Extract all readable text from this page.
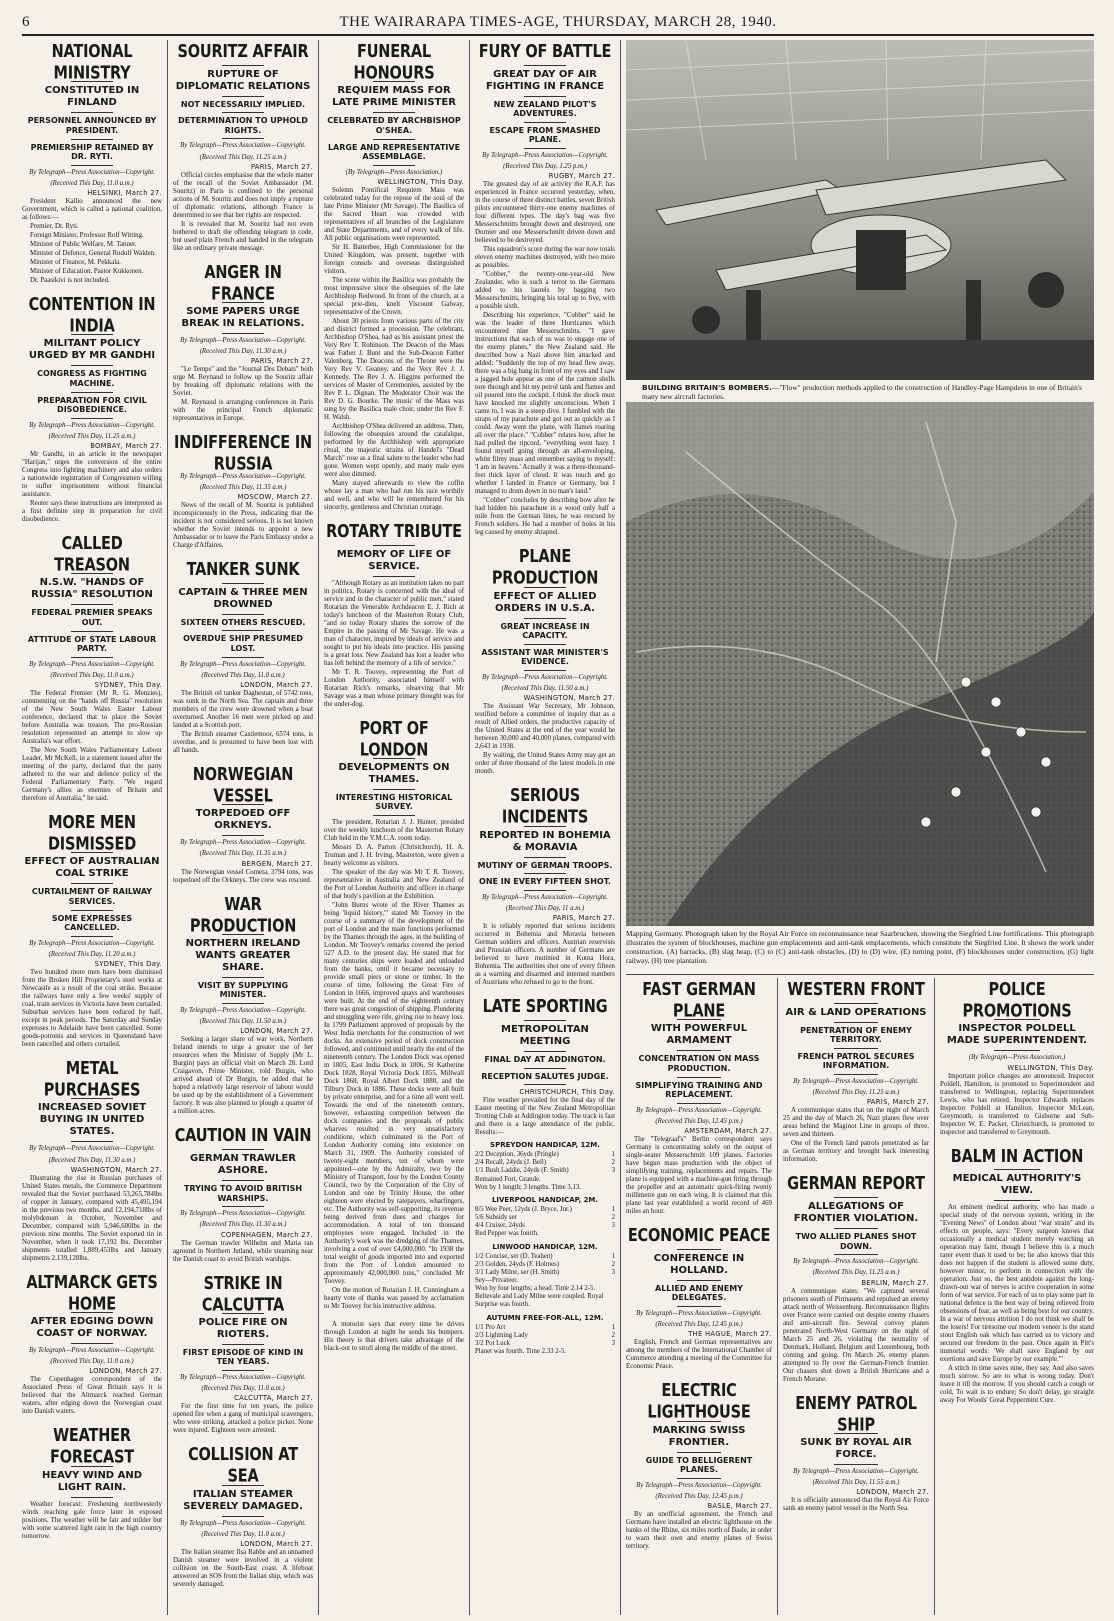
6	THE WAIRARAPA TIMES-AGE, THURSDAY, MARCH 28, 1940.
NATIONAL MINISTRY
CONSTITUTED IN FINLAND
PERSONNEL ANNOUNCED BY PRESIDENT.
PREMIERSHIP RETAINED BY DR. RYTI.
By Telegraph—Press Association—Copyright.
(Received This Day, 11.0 a.m.)
HELSINKI, March 27.

President Kallio announced the new Government, which is called a national coalition, as follows:—

Premier, Dr. Ryti.

Foreign Minister, Professor Rolf Witting.

Minister of Public Welfare, M. Tanner.

Minister of Defence, General Rudolf Walden.

Minister of Finance, M. Pekkala.

Minister of Education, Pastor Kukkonen.

Dr. Paasikivi is not included.

CONTENTION IN INDIA
MILITANT POLICY URGED BY MR GANDHI
CONGRESS AS FIGHTING MACHINE.
PREPARATION FOR CIVIL DISOBEDIENCE.
By Telegraph—Press Association—Copyright.
(Received This Day, 11.25 a.m.)
BOMBAY, March 27.

Mr Gandhi, in an article in the newspaper "Harijan," urges the conversion of the entire Congress into fighting machinery and also orders a nationwide registration of Congressmen willing to suffer imprisonment without financial assistance.

Reuter says these instructions are interpreted as a first definite step in preparation for civil disobedience.

CALLED TREASON
N.S.W. "HANDS OF RUSSIA" RESOLUTION
FEDERAL PREMIER SPEAKS OUT.
ATTITUDE OF STATE LABOUR PARTY.
By Telegraph—Press Association—Copyright.
(Received This Day, 11.0 a.m.)
SYDNEY, This Day.

The Federal Premier (Mr R. G. Menzies), commenting on the "hands off Russia" resolution of the New South Wales Easter Labour conference, declared that to place the Soviet before Australia was treason. The pro-Russian resolution represented an attempt to slow up Australia's war effort.

The New South Wales Parliamentary Labour Leader, Mr McKell, in a statement issued after the meeting of the party, declared that the party adhered to the war and defence policy of the Federal Parliamentary Party. "We regard Germany's allies as enemies of Britain and therefore of Australia," he said.

MORE MEN DISMISSED
EFFECT OF AUSTRALIAN COAL STRIKE
CURTAILMENT OF RAILWAY SERVICES.
SOME EXPRESSES CANCELLED.
By Telegraph—Press Association—Copyright.
(Received This Day, 11.20 a.m.)
SYDNEY, This Day.

Two hundred more men have been dismissed from the Broken Hill Proprietary's steel works at Newcastle as a result of the coal strike. Because the railways have only a few weeks' supply of coal, train services in Victoria have been curtailed. Suburban services have been reduced by half, except in peak periods. The Saturday and Sunday expresses to Adelaide have been cancelled. Some goods-potronis and services in Queensland have been cancelled and others curtailed.

METAL PURCHASES
INCREASED SOVIET BUYING IN UNITED STATES.
By Telegraph—Press Association—Copyright.
(Received This Day, 11.30 a.m.)
WASHINGTON, March 27.

Illustrating the rise in Russian purchases of United States metals, the Commerce Department revealed that the Soviet purchased 53,265,784lbs of copper in January, compared with 45,495,194 in the previous two months, and 12,194,718lbs of molybdenum in October, November and December, compared with 5,946,600lbs in the previous nine months. The Soviet exported tin in November, when it took 17,192 lbs. December shipments totalled 1,889,453lbs and January shipments 2,139,128lbs.

ALTMARCK GETS HOME
AFTER EDGING DOWN COAST OF NORWAY.
By Telegraph—Press Association—Copyright.
(Received This Day, 11.0 a.m.)
LONDON, March 27.

The Copenhagen correspondent of the Associated Press of Great Britain says it is believed that the Altmarck reached German waters, after edging down the Norwegian coast into Danish waters.

WEATHER FORECAST
HEAVY WIND AND LIGHT RAIN.

Weather forecast: Freshening northwesterly winds reaching gale force later in exposed positions. The weather will be fair and milder but with some scattered light rain in the high country tomorrow.

SOURITZ AFFAIR
RUPTURE OF DIPLOMATIC RELATIONS
NOT NECESSARILY IMPLIED.
DETERMINATION TO UPHOLD RIGHTS.
By Telegraph—Press Association—Copyright.
(Received This Day, 11.25 a.m.)
PARIS, March 27.

Official circles emphasise that the whole matter of the recall of the Soviet Ambassador (M. Souritz) in Paris is confined to the personal actions of M. Souritz and does not imply a rupture of diplomatic relations, although France is determined to see that her rights are respected.

It is revealed that M. Souritz had not even bothered to draft the offending telegram in code, but used plain French and handed in the telegram like an ordinary private message.

ANGER IN FRANCE
SOME PAPERS URGE BREAK IN RELATIONS.
By Telegraph—Press Association—Copyright.
(Received This Day, 11.30 a.m.)
PARIS, March 27.

"Le Temps" and the "Journal Des Debats" both urge M. Reynaud to follow up the Souritz affair by breaking off diplomatic relations with the Soviet.

M. Reynaud is arranging conferences in Paris with the principal French diplomatic representatives in Europe.

INDIFFERENCE IN RUSSIA
By Telegraph—Press Association—Copyright.
(Received This Day, 11.35 a.m.)
MOSCOW, March 27.

News of the recall of M. Souritz is published inconspicuously in the Press, indicating that the incident is not considered serious. It is not known whether the Soviet intends to appoint a new Ambassador or to leave the Paris Embassy under a Charge d'Affaires.

TANKER SUNK
CAPTAIN & THREE MEN DROWNED
SIXTEEN OTHERS RESCUED.
OVERDUE SHIP PRESUMED LOST.
By Telegraph—Press Association—Copyright.
(Received This Day, 11.0 a.m.)
LONDON, March 27.

The British oil tanker Daghestan, of 5742 tons, was sunk in the North Sea. The captain and three members of the crew were drowned when a boat overturned. Another 16 men were picked up and landed at a Scottish port.

The British steamer Castlemoor, 6574 tons, is overdue, and is presumed to have been lost with all hands.

NORWEGIAN VESSEL
TORPEDOED OFF ORKNEYS.
By Telegraph—Press Association—Copyright.
(Received This Day, 11.35 a.m.)
BERGEN, March 27.

The Norwegian vessel Cometa, 3794 tons, was torpedoed off the Orkneys. The crew was rescued.

WAR PRODUCTION
NORTHERN IRELAND WANTS GREATER SHARE.
VISIT BY SUPPLYING MINISTER.
By Telegraph—Press Association—Copyright.
(Received This Day, 11.50 a.m.)
LONDON, March 27.

Seeking a larger share of war work, Northern Ireland intends to urge a greater use of her resources when the Minister of Supply (Mr L. Burgin) pays an official visit on March 28. Lord Craigavon, Prime Minister, told Burgin, who arrived ahead of Dr Burgin, he added that he hoped a relatively large reservoir of labour would be used up by the establishment of a Government factory. It was also planned to plough a quarter of a million acres.

CAUTION IN VAIN
GERMAN TRAWLER ASHORE.
TRYING TO AVOID BRITISH WARSHIPS.
By Telegraph—Press Association—Copyright.
(Received This Day, 11.30 a.m.)
COPENHAGEN, March 27.

The German trawler Wilhelm and Maria ran aground in Northern Jutland, while steaming near the Danish coast to avoid British warships.

STRIKE IN CALCUTTA
POLICE FIRE ON RIOTERS.
FIRST EPISODE OF KIND IN TEN YEARS.
By Telegraph—Press Association—Copyright.
(Received This Day, 11.0 a.m.)
CALCUTTA, March 27.

For the first time for ten years, the police opened fire when a gang of municipal scavengers, who were striking, attacked a police picket. None were injured. Eighteen were arrested.

COLLISION AT SEA
ITALIAN STEAMER SEVERELY DAMAGED.
By Telegraph—Press Association—Copyright.
(Received This Day, 11.0 a.m.)
LONDON, March 27.

The Italian steamer Ilsa Rabbe and an unnamed Danish steamer were involved in a violent collision on the South-East coast. A lifeboat answered an SOS from the Italian ship, which was severely damaged.

FUNERAL HONOURS
REQUIEM MASS FOR LATE PRIME MINISTER
CELEBRATED BY ARCHBISHOP O'SHEA.
LARGE AND REPRESENTATIVE ASSEMBLAGE.
(By Telegraph—Press Association.)
WELLINGTON, This Day.

Solemn Pontifical Requiem Mass was celebrated today for the repose of the soul of the late Prime Minister (Mr Savage). The Basilica of the Sacred Heart was crowded with representatives of all branches of the Legislature and State Departments, and of every walk of life. All public organisations were represented.

Sir H. Batterbee, High Commissioner for the United Kingdom, was present, together with foreign consuls and overseas distinguished visitors.

The scene within the Basilica was probably the most impressive since the obsequies of the late Archbishop Redwood. In front of the church, at a special prie-dieu, knelt Viscount Galway, representative of the Crown.

About 30 priests from various parts of the city and district formed a procession. The celebrant, Archbishop O'Shea, had as his assistant priest the Very Rev T. Robinson. The Deacon of the Mass was Father J. Bunt and the Sub-Deacon Father Valenberg. The Deacons of the Throne were the Very Rev V. Geaney, and the Very Rev J. J. Kennedy. The Rev J. A. Higgins performed the services of Master of Ceremonies, assisted by the Rev P. L. Dignan. The Moderator Choir was the Rev D. G. Bourke. The music of the Mass was sung by the Basilica male choir, under the Rev F. H. Walsh.

Archbishop O'Shea delivered an address. Then, following the obsequies around the catafalque, performed by the Archbishop with appropriate ritual, the majestic strains of Handel's "Dead March" rose as a final salute to the leader who had gone. Women wept openly, and many male eyes were also dimmed.

Many stayed afterwards to view the coffin whose lay a man who had run his race worthily and well, and who will be remembered for his sincerity, gentleness and Christian courage.

ROTARY TRIBUTE
MEMORY OF LIFE OF SERVICE.

"Although Rotary as an institution takes no part in politics, Rotary is concerned with the ideal of service and in the character of public men," stated Rotarian the Venerable Archdeacon E. J. Rich at today's luncheon of the Masterton Rotary Club, "and so today Rotary shares the sorrow of the Empire in the passing of Mr Savage. He was a man of character, inspired by ideals of service and sought to put his ideals into practice. His passing is a great loss. New Zealand has lost a leader who has left behind the memory of a life of service."

Mr T. R. Toovey, representing the Port of London Authority, associated himself with Rotarian Rich's remarks, observing that Mr Savage was a man whose primary thought was for the under-dog.

PORT OF LONDON
DEVELOPMENTS ON THAMES.
INTERESTING HISTORICAL SURVEY.

The president, Rotarian J. J. Hunter, presided over the weekly luncheon of the Masterton Rotary Club held in the Y.M.C.A. room today.

Messrs D. A. Parton (Christchurch), H. A. Truman and J. H. Irving, Masterton, were given a hearty welcome as visitors.

The speaker of the day was Mr T. R. Toovey, representative in Australia and New Zealand of the Port of London Authority and officer in charge of that body's pavilion at the Exhibition.

"John Burns wrote of the River Thames as being 'liquid history,'" stated Mr Toovey in the course of a summary of the development of the port of London and the main functions performed by the Thames through the ages, in the building of London. Mr Toovey's remarks covered the period 527 A.D. to the present day. He stated that for many centuries ships were loaded and unloaded from the banks, until it became necessary to provide small piers or stone or timber. In the course of time, following the Great Fire of London in 1666, improved quays and warehouses were built. At the end of the eighteenth century there was great congestion of shipping. Plundering and smuggling were rife, giving rise to heavy loss. In 1799 Parliament approved of proposals by the West India merchants for the construction of wet docks. An extensive period of dock construction followed, and continued until nearly the end of the nineteenth century. The London Dock was opened in 1805, East India Dock in 1806, St Katherine Dock 1828, Royal Victoria Dock 1855, Millwall Dock 1868, Royal Albert Dock 1880, and the Tilbury Dock in 1886. These docks were all built by private enterprise, and for a time all went well. Towards the end of the nineteenth century, however, exhausting competition between the dock companies and the proposals of public wharves resulted in very unsatisfactory conditions, which culminated in the Port of London Authority coming into existence on March 31, 1909. The Authority consisted of twenty-eight members, ten of whom were appointed—one by the Admiralty, two by the Ministry of Transport, four by the London County Council, two by the Corporation of the City of London and one by Trinity House, the other eighteen were elected by ratepayers, wharfingers, etc. The Authority was self-supporting, its revenue being derived from dues and charges for accommodation. A total of ten thousand employees were engaged. Included in the Authority's work was the dredging of the Thames, involving a cost of over £4,000,000. "In 1938 the total weight of goods imported into and exported from the Port of London amounted to approximately 42,000,000 tons," concluded Mr Toovey.

On the motion of Rotarian J. H. Cunningham a hearty vote of thanks was passed by acclamation to Mr Toovey for his instructive address.

A motorist says that every time he drives through London at night he sends his bumpers. His theory is that drivers take advantage of the black-out to stroll along the middle of the street.

FURY OF BATTLE
GREAT DAY OF AIR FIGHTING IN FRANCE
NEW ZEALAND PILOT'S ADVENTURES.
ESCAPE FROM SMASHED PLANE.
By Telegraph—Press Association—Copyright.
(Received This Day, 1.25 p.m.)
RUGBY, March 27.

The greatest day of air activity the R.A.F. has experienced in France occurred yesterday, when, in the course of three distinct battles, seven British pilots encountered thirty-one enemy machines of four different types. The day's bag was five Messerschmitts brought down and destroyed, one Dornier and one Messerschmitt driven down and believed to be destroyed.

This squadron's score during the war now totals eleven enemy machines destroyed, with two more as possibles.

"Cobber," the twenty-one-year-old New Zealander, who is such a terror to the Germans added to his laurels by bagging two Messerschmitts, bringing his total up to five, with a possible sixth.

Describing his experience, "Cobber" said he was the leader of three Hurricanes which encountered nine Messerschmitts. "I gave instructions that each of us was to engage one of the enemy planes," the New Zealand said. He described how a Nazi above him attacked and added: "Suddenly the top of my head flew away, there was a big bang in front of my eyes and I saw a jagged hole appear as one of the cannon shells tore through and hit my petrol tank and flames and oil poured into the cockpit. I think the shock must have knocked me slightly unconscious. When I came to, I was in a steep dive. I fumbled with the straps of my parachute and got out as quickly as I could. Away went the plane, with flames roaring all over the place." "Cobber" relates how, after he had pulled the ripcord, "everything went hazy. I found myself going through an all-enveloping, white filmy mass and remember saying to myself: 'I am in heaven.' Actually it was a three-thousand-feet thick layer of cloud. It was touch and go whether I landed in France or Germany, but I managed to drum down in no man's land."

"Cobber" concludes by describing how after he had hidden his parachute in a wood only half a mile from the German lines, he was rescued by French soldiers. He had a number of holes in his leg caused by enemy shrapnel.

PLANE PRODUCTION
EFFECT OF ALLIED ORDERS IN U.S.A.
GREAT INCREASE IN CAPACITY.
ASSISTANT WAR MINISTER'S EVIDENCE.
By Telegraph—Press Association—Copyright.
(Received This Day, 11.50 a.m.)
WASHINGTON, March 27.

The Assistant War Secretary, Mr Johnson, testified before a committee of inquiry that as a result of Allied orders, the productive capacity of the United States at the end of the year would be between 30,000 and 40,000 planes, compared with 2,643 in 1938.

By waiting, the United States Army may get an order of three thousand of the latest models in one month.

SERIOUS INCIDENTS
REPORTED IN BOHEMIA & MORAVIA
MUTINY OF GERMAN TROOPS.
ONE IN EVERY FIFTEEN SHOT.
By Telegraph—Press Association—Copyright.
(Received This Day, 11 a.m.)
PARIS, March 27.

It is reliably reported that serious incidents occurred in Bohemia and Moravia between German soldiers and officers. Austrian reservists and Prussian officers. A number of Germans are believed to have mutinied in Kutna Hora, Bohemia. The authorities shot one of every fifteen as a warning and disarmed and interned numbers of Austrians who refused to go to the front.

LATE SPORTING
METROPOLITAN MEETING
FINAL DAY AT ADDINGTON.
RECEPTION SALUTES JUDGE.
CHRISTCHURCH, This Day.

Fine weather prevailed for the final day of the Easter meeting of the New Zealand Metropolitan Trotting Club at Addington today. The track is fast and there is a large attendance of the public. Results:—

SPREYDON HANDICAP, 12M.
2/2 Deception, 36yds (Pringle)	1
2/4 Recall, 24yds (J. Bell)	2
1/1 Bush Laddie, 24yds (F. Smith)	3
Remained Fort, Grande.
Won by 1 length; 3 lengths. Time 3.13.
LIVERPOOL HANDICAP, 2M.
8/5 Wee Peer, 12yds (J. Bryce, Jnr.)	1
5/6 Subsidy ser	2
4/4 Cruiser, 24yds	3
Red Pepper was fourth.
LINWOOD HANDICAP, 12M.
1/2 Concise, ser (D. Teahen)	1
2/3 Golden, 24yds (F. Holmes)	2
3/1 Lady Milne, ser (H. Smith)	3
Sey—Privateer.
Won by four lengths; a head. Time 2.14 2-5.
Beltevale and Lady Milne were coupled. Royal Surprise was fourth.
AUTUMN FREE-FOR-ALL, 12M.
1/1 Pro Art	1
2/3 Lightning Lady	2
3/2 Pot Luck	3
Planet was fourth. Time 2.33 2-5.
BUILDING BRITAIN'S BOMBERS.—"Flow" production methods applied to the construction of Handley-Page Hampdens in one of Britain's many new aircraft factories.
Mapping Germany. Photograph taken by the Royal Air Force on reconnaissance near Saarbrucken, showing the Siegfried Line fortifications. This photograph illustrates the system of blockhouses, machine gun emplacements and anti-tank emplacements, which constitute the Siegfried Line. It shows the work under construction. (A) barracks, (B) slag heap, (C) to (C) anti-tank obstacles, (D) to (D) wire, (E) turning point, (F) blockhouses under construction, (G) light railway, (H) tree plantation.
FAST GERMAN PLANE
WITH POWERFUL ARMAMENT
CONCENTRATION ON MASS PRODUCTION.
SIMPLIFYING TRAINING AND REPLACEMENT.
By Telegraph—Press Association—Copyright.
(Received This Day, 12.45 p.m.)
AMSTERDAM, March 27.

The "Telegraaf's" Berlin correspondent says Germany is concentrating solely on the output of single-seater Messerschmitt 109 planes. Factories have begun mass production with the object of simplifying training, replacements and repairs. The plane is equipped with a machine-gun firing through the propeller and an automatic quick-firing twenty millimetre gun on each wing. It is claimed that this plane last year established a world record of 469 miles an hour.

ECONOMIC PEACE
CONFERENCE IN HOLLAND.
ALLIED AND ENEMY DELEGATES.
By Telegraph—Press Association—Copyright.
(Received This Day, 12.45 p.m.)
THE HAGUE, March 27.

English, French and German representatives are among the members of the International Chamber of Commerce attending a meeting of the Committee for Economic Peace.

ELECTRIC LIGHTHOUSE
MARKING SWISS FRONTIER.
GUIDE TO BELLIGERENT PLANES.
By Telegraph—Press Association—Copyright.
(Received This Day, 12.45 p.m.)
BASLE, March 27.

By an unofficial agreement, the French and Germans have installed an electric lighthouse on the banks of the Rhine, six miles north of Basle, in order to warn their own and enemy planes of Swiss territory.

WESTERN FRONT
AIR & LAND OPERATIONS
PENETRATION OF ENEMY TERRITORY.
FRENCH PATROL SECURES INFORMATION.
By Telegraph—Press Association—Copyright.
(Received This Day, 11.25 a.m.)
PARIS, March 27.

A communique states that on the night of March 25 and the day of March 26, Nazi planes flew over areas behind the Maginot Line in groups of three, seven and thirteen.

One of the French land patrols penetrated as far as German territory and brought back interesting information.

GERMAN REPORT
ALLEGATIONS OF FRONTIER VIOLATION.
TWO ALLIED PLANES SHOT DOWN.
By Telegraph—Press Association—Copyright.
(Received This Day, 11.25 a.m.)
BERLIN, March 27.

A communique states: "We captured several prisoners south of Pirmasens and repulsed an enemy attack north of Weissenburg. Reconnaissance flights over France were carried out despite enemy chasers and anti-aircraft fire. Several convoy planes penetrated North-West Germany on the night of March 25 and 26, violating the neutrality of Denmark, Holland, Belgium and Luxembourg, both coming and going. On March 26, enemy planes attempted to fly over the German-French frontier. Our chasers shot down a British Hurricane and a French Morane.

ENEMY PATROL SHIP
SUNK BY ROYAL AIR FORCE.
By Telegraph—Press Association—Copyright.
(Received This Day, 11.55 a.m.)
LONDON, March 27.

It is officially announced that the Royal Air Force sank an enemy patrol vessel in the North Sea.

POLICE PROMOTIONS
INSPECTOR POLDELL MADE SUPERINTENDENT.
(By Telegraph—Press Association.)
WELLINGTON, This Day.

Important police changes are announced. Inspector Poldell, Hamilton, is promoted to Superintendent and transferred to Wellington, replacing Superintendent Lewis, who has retired. Inspector Edwards replaces Inspector Poldell at Hamilton. Inspector McLean, Greymouth, is transferred to Gisborne and Sub-Inspector W. E. Packer, Christchurch, is promoted to inspector and transferred to Greymouth.

BALM IN ACTION
MEDICAL AUTHORITY'S VIEW.

An eminent medical authority, who has made a special study of the nervous system, writing in the "Evening News" of London about "war strain" and its effects on people, says: "Every surgeon knows that occasionally a medical student merely watching an operation may faint, though I believe this is a much rarer event than it used to be; he also knows that this does not happen if the student is allowed some duty, however minor, to perform in connection with the operation. Just so, the best antidote against the long-drawn-out war of nerves is active cooperation in some form of war service. For each of us to play some part in national defence is the best way of being relieved from obsessions of fear, as well as being best for our country. In a war of nervous attrition I do not think we shall be the losers! For tiresome our modern veneer is the stand stout English oak which has carried us to victory and secured our freedom in the past. Once again in Pitt's immortal words: 'We shall save England by our exertions and save Europe by our example.'"

A stitch in time saves nine, they say. And also saves much sorrow. So are to what is wrong today. Don't leave it till the morrow. If you should catch a cough or cold, To wait is to endure; So don't delay, go straight away For Woods' Great Peppermint Cure.
